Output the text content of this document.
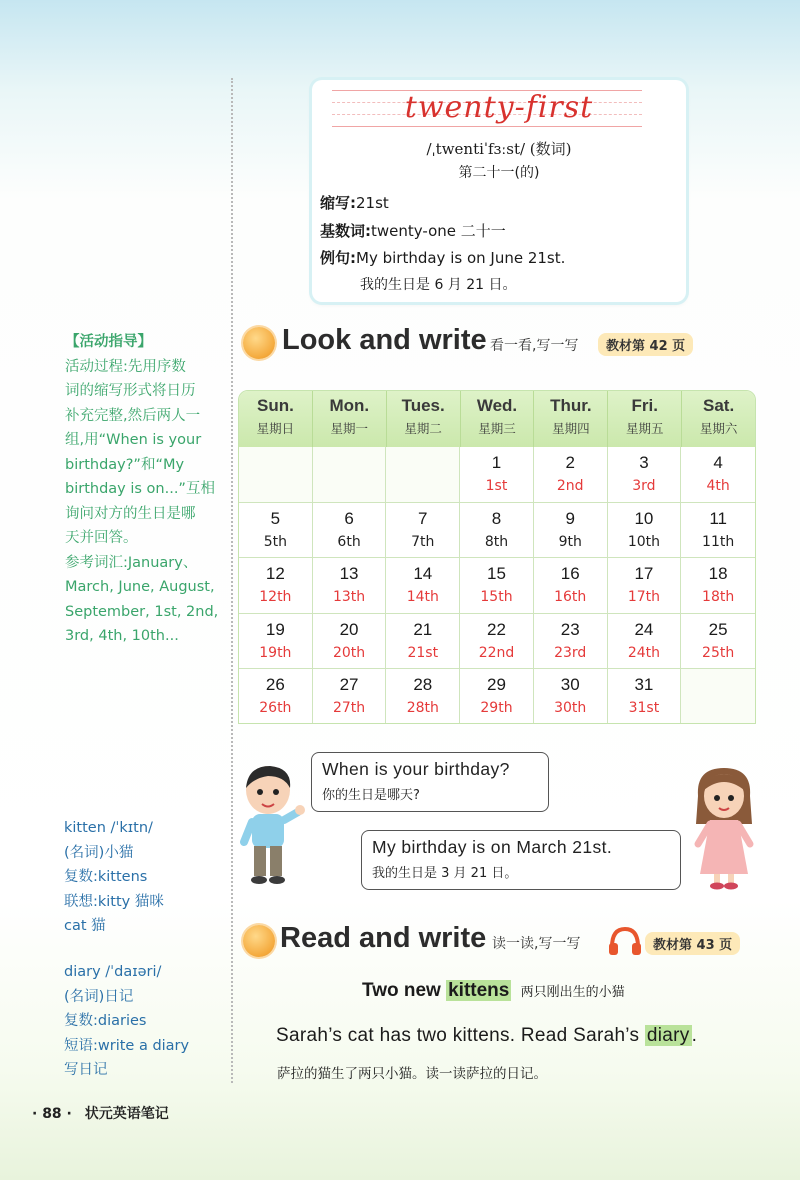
twenty-first
/ˌtwentiˈfɜːst/ (数词)
第二十一(的)
缩写:21st
基数词:twenty-one 二十一
例句:My birthday is on June 21st.
我的生日是 6 月 21 日。
【活动指导】
活动过程:先用序数
词的缩写形式将日历
补充完整,然后两人一
组,用“When is your
birthday?”和“My
birthday is on...”互相
询问对方的生日是哪
天并回答。
参考词汇:January、
March, June, August,
September, 1st, 2nd,
3rd, 4th, 10th...
kitten /ˈkɪtn/
(名词)小猫
复数:kittens
联想:kitty 猫咪
cat 猫
diary /ˈdaɪəri/
(名词)日记
复数:diaries
短语:write a diary
写日记
Look and write 看一看,写一写	教材第 42 页
Sun.
星期日
Mon.
星期一
Tues.
星期二
Wed.
星期三
Thur.
星期四
Fri.
星期五
Sat.
星期六
1
1st
2
2nd
3
3rd
4
4th
5
5th
6
6th
7
7th
8
8th
9
9th
10
10th
11
11th
12
12th
13
13th
14
14th
15
15th
16
16th
17
17th
18
18th
19
19th
20
20th
21
21st
22
22nd
23
23rd
24
24th
25
25th
26
26th
27
27th
28
28th
29
29th
30
30th
31
31st
When is your birthday?
你的生日是哪天?
My birthday is on March 21st.
我的生日是 3 月 21 日。
Read and write 读一读,写一写	教材第 43 页
Two new kittens 两只刚出生的小猫
Sarah’s cat has two kittens. Read Sarah’s diary .
萨拉的猫生了两只小猫。读一读萨拉的日记。
· 88 · 状元英语笔记
